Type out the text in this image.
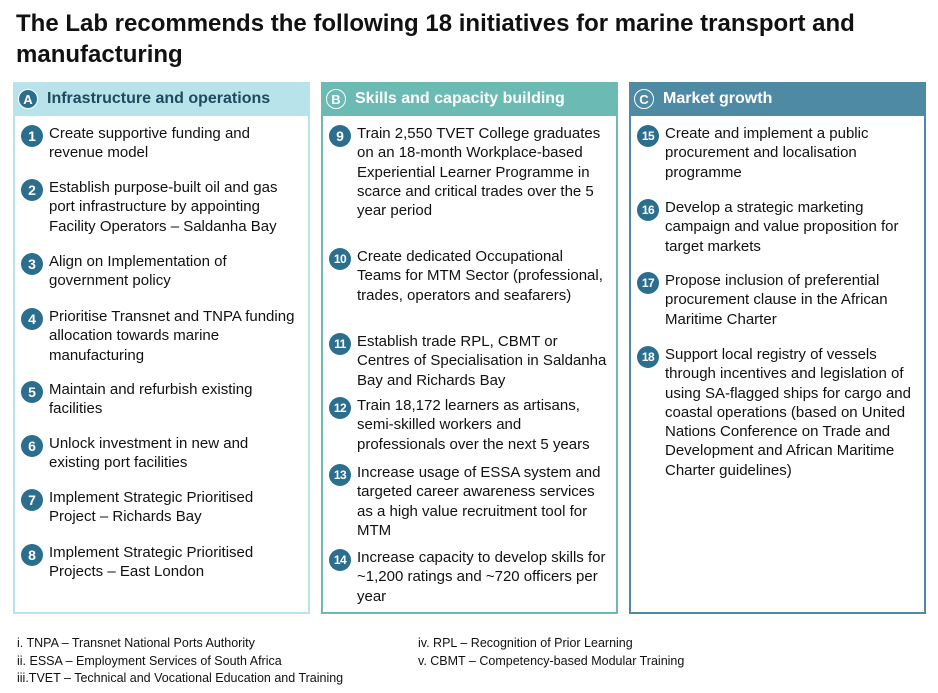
The Lab recommends the following 18 initiatives for marine transport and manufacturing
A Infrastructure and operations
1 Create supportive funding and revenue model
2 Establish purpose-built oil and gas port infrastructure by appointing Facility Operators – Saldanha Bay
3 Align on Implementation of government policy
4 Prioritise Transnet and TNPA funding allocation towards marine manufacturing
5 Maintain and refurbish existing facilities
6 Unlock investment in new and existing port facilities
7 Implement Strategic Prioritised Project – Richards Bay
8 Implement Strategic Prioritised Projects – East London
B Skills and capacity building
9 Train 2,550 TVET College graduates on an 18-month Workplace-based Experiential Learner Programme in scarce and critical trades over the 5 year period
10 Create dedicated Occupational Teams for MTM Sector (professional, trades, operators and seafarers)
11 Establish trade RPL, CBMT or Centres of Specialisation in Saldanha Bay and Richards Bay
12 Train 18,172 learners as artisans, semi-skilled workers and professionals over the next 5 years
13 Increase usage of ESSA system and targeted career awareness services as a high value recruitment tool for MTM
14 Increase capacity to develop skills for ~1,200 ratings and ~720 officers per year
C Market growth
15 Create and implement a public procurement and localisation programme
16 Develop a strategic marketing campaign and value proposition for target markets
17 Propose inclusion of preferential procurement clause in the African Maritime Charter
18 Support local registry of vessels through incentives and legislation of using SA-flagged ships for cargo and coastal operations (based on United Nations Conference on Trade and Development and African Maritime Charter guidelines)
i. TNPA – Transnet National Ports Authority
ii. ESSA – Employment Services of South Africa
iii.TVET – Technical and Vocational Education and Training
iv. RPL – Recognition of Prior Learning
v. CBMT – Competency-based Modular Training
